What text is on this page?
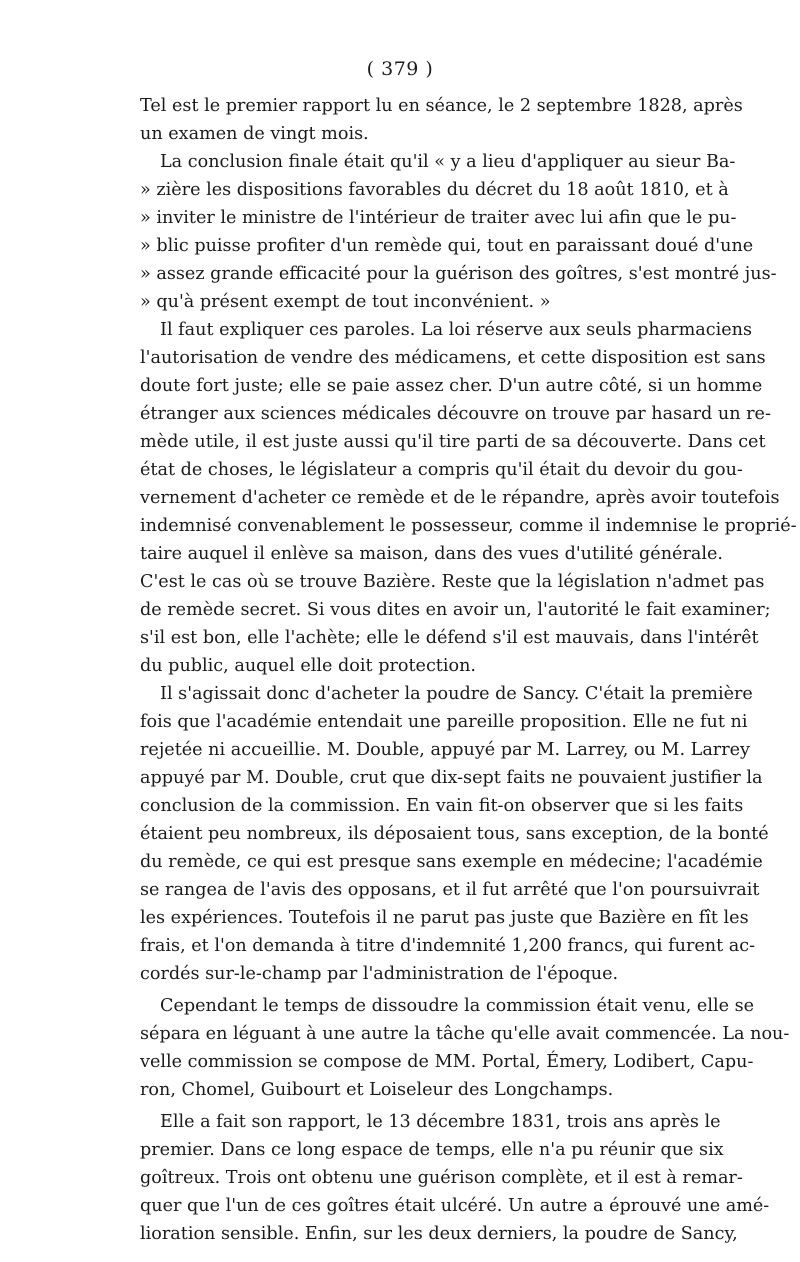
( 379 )
Tel est le premier rapport lu en séance, le 2 septembre 1828, après
un examen de vingt mois.
La conclusion finale était qu'il « y a lieu d'appliquer au sieur Ba-
» zière les dispositions favorables du décret du 18 août 1810, et à
» inviter le ministre de l'intérieur de traiter avec lui afin que le pu-
» blic puisse profiter d'un remède qui, tout en paraissant doué d'une
» assez grande efficacité pour la guérison des goîtres, s'est montré jus-
» qu'à présent exempt de tout inconvénient. »
Il faut expliquer ces paroles. La loi réserve aux seuls pharmaciens
l'autorisation de vendre des médicamens, et cette disposition est sans
doute fort juste; elle se paie assez cher. D'un autre côté, si un homme
étranger aux sciences médicales découvre on trouve par hasard un re-
mède utile, il est juste aussi qu'il tire parti de sa découverte. Dans cet
état de choses, le législateur a compris qu'il était du devoir du gou-
vernement d'acheter ce remède et de le répandre, après avoir toutefois
indemnisé convenablement le possesseur, comme il indemnise le proprié-
taire auquel il enlève sa maison, dans des vues d'utilité générale.
C'est le cas où se trouve Bazière. Reste que la législation n'admet pas
de remède secret. Si vous dites en avoir un, l'autorité le fait examiner;
s'il est bon, elle l'achète; elle le défend s'il est mauvais, dans l'intérêt
du public, auquel elle doit protection.
Il s'agissait donc d'acheter la poudre de Sancy. C'était la première
fois que l'académie entendait une pareille proposition. Elle ne fut ni
rejetée ni accueillie. M. Double, appuyé par M. Larrey, ou M. Larrey
appuyé par M. Double, crut que dix-sept faits ne pouvaient justifier la
conclusion de la commission. En vain fit-on observer que si les faits
étaient peu nombreux, ils déposaient tous, sans exception, de la bonté
du remède, ce qui est presque sans exemple en médecine; l'académie
se rangea de l'avis des opposans, et il fut arrêté que l'on poursuivrait
les expériences. Toutefois il ne parut pas juste que Bazière en fît les
frais, et l'on demanda à titre d'indemnité 1,200 francs, qui furent ac-
cordés sur-le-champ par l'administration de l'époque.
Cependant le temps de dissoudre la commission était venu, elle se
sépara en léguant à une autre la tâche qu'elle avait commencée. La nou-
velle commission se compose de MM. Portal, Émery, Lodibert, Capu-
ron, Chomel, Guibourt et Loiseleur des Longchamps.
Elle a fait son rapport, le 13 décembre 1831, trois ans après le
premier. Dans ce long espace de temps, elle n'a pu réunir que six
goîtreux. Trois ont obtenu une guérison complète, et il est à remar-
quer que l'un de ces goîtres était ulcéré. Un autre a éprouvé une amé-
lioration sensible. Enfin, sur les deux derniers, la poudre de Sancy,
